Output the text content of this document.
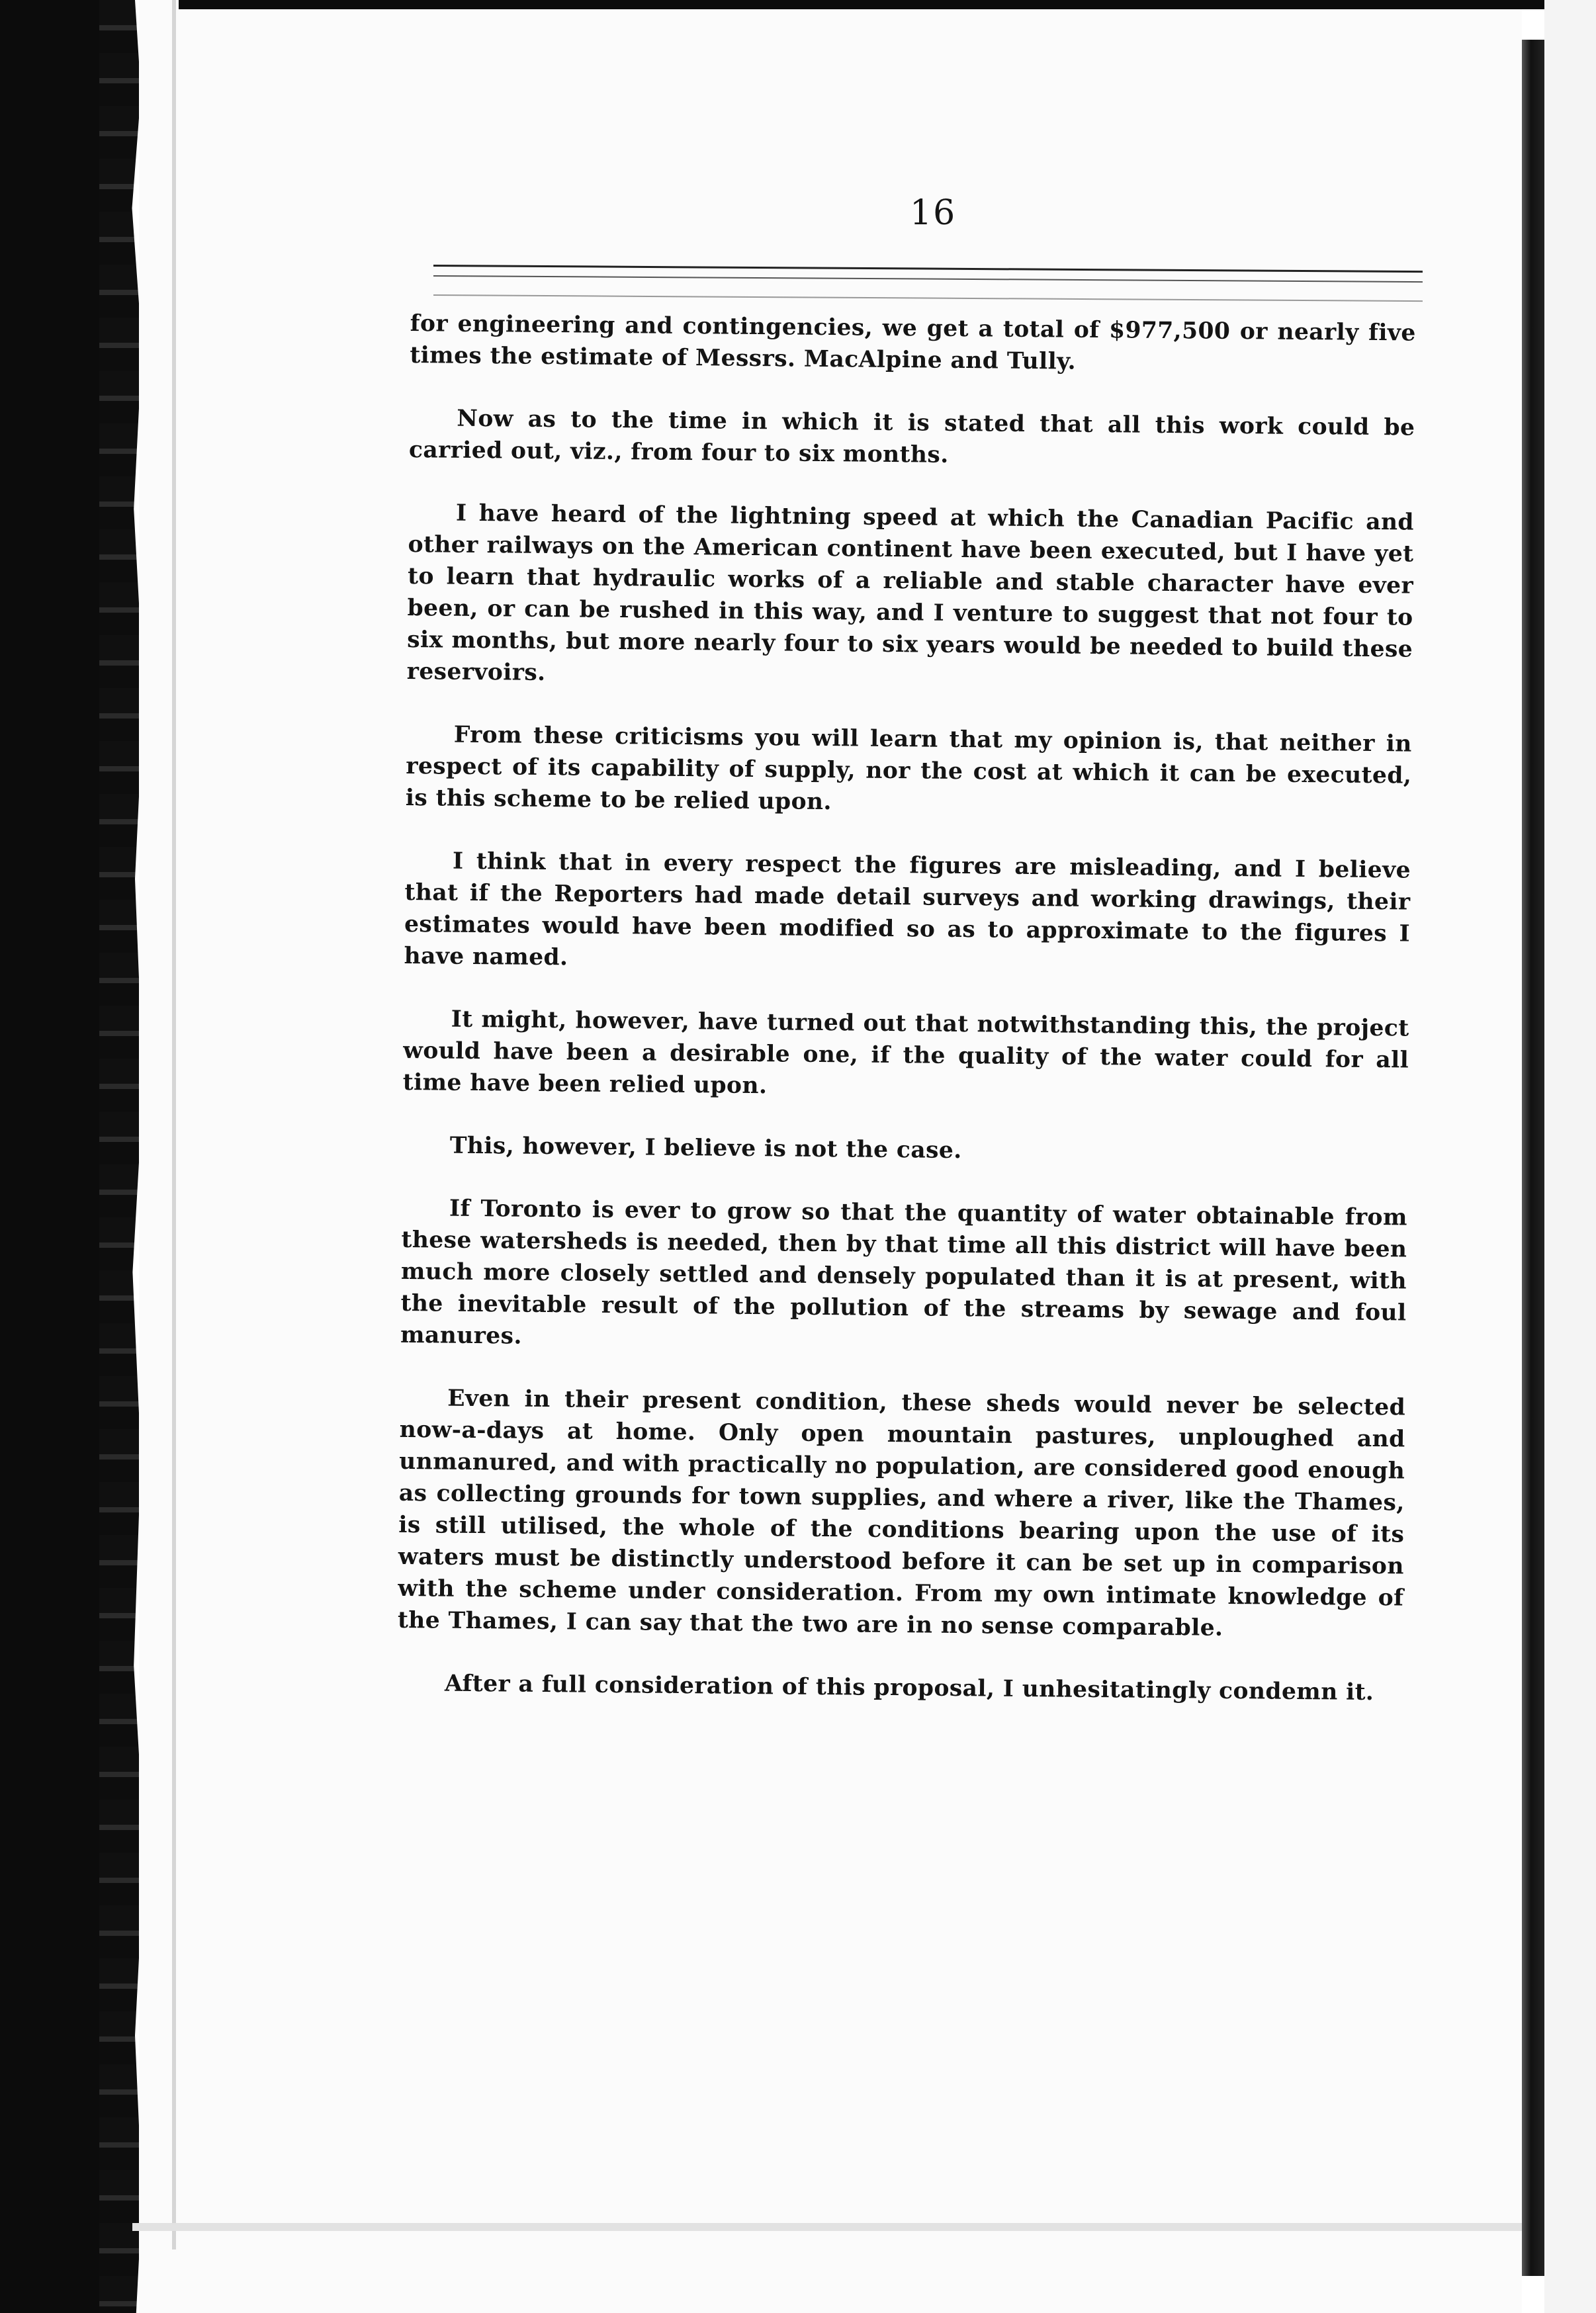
16

for engineering and contingencies, we get a total of $977,500 or nearly five times the estimate of Messrs. MacAlpine and Tully.

Now as to the time in which it is stated that all this work could be carried out, viz., from four to six months.

I have heard of the lightning speed at which the Canadian Pacific and other railways on the American continent have been executed, but I have yet to learn that hydraulic works of a reliable and stable character have ever been, or can be rushed in this way, and I venture to suggest that not four to six months, but more nearly four to six years would be needed to build these reservoirs.

From these criticisms you will learn that my opinion is, that neither in respect of its capability of supply, nor the cost at which it can be executed, is this scheme to be relied upon.

I think that in every respect the figures are misleading, and I believe that if the Reporters had made detail surveys and working drawings, their estimates would have been modified so as to approximate to the figures I have named.

It might, however, have turned out that notwithstanding this, the project would have been a desirable one, if the quality of the water could for all time have been relied upon.

This, however, I believe is not the case.

If Toronto is ever to grow so that the quantity of water obtainable from these watersheds is needed, then by that time all this district will have been much more closely settled and densely populated than it is at present, with the inevitable result of the pollution of the streams by sewage and foul manures.

Even in their present condition, these sheds would never be selected now-a-days at home. Only open mountain pastures, unploughed and unmanured, and with practically no population, are considered good enough as collecting grounds for town supplies, and where a river, like the Thames, is still utilised, the whole of the conditions bearing upon the use of its waters must be distinctly understood before it can be set up in comparison with the scheme under consideration. From my own intimate knowledge of the Thames, I can say that the two are in no sense comparable.

After a full consideration of this proposal, I unhesitatingly condemn it.
